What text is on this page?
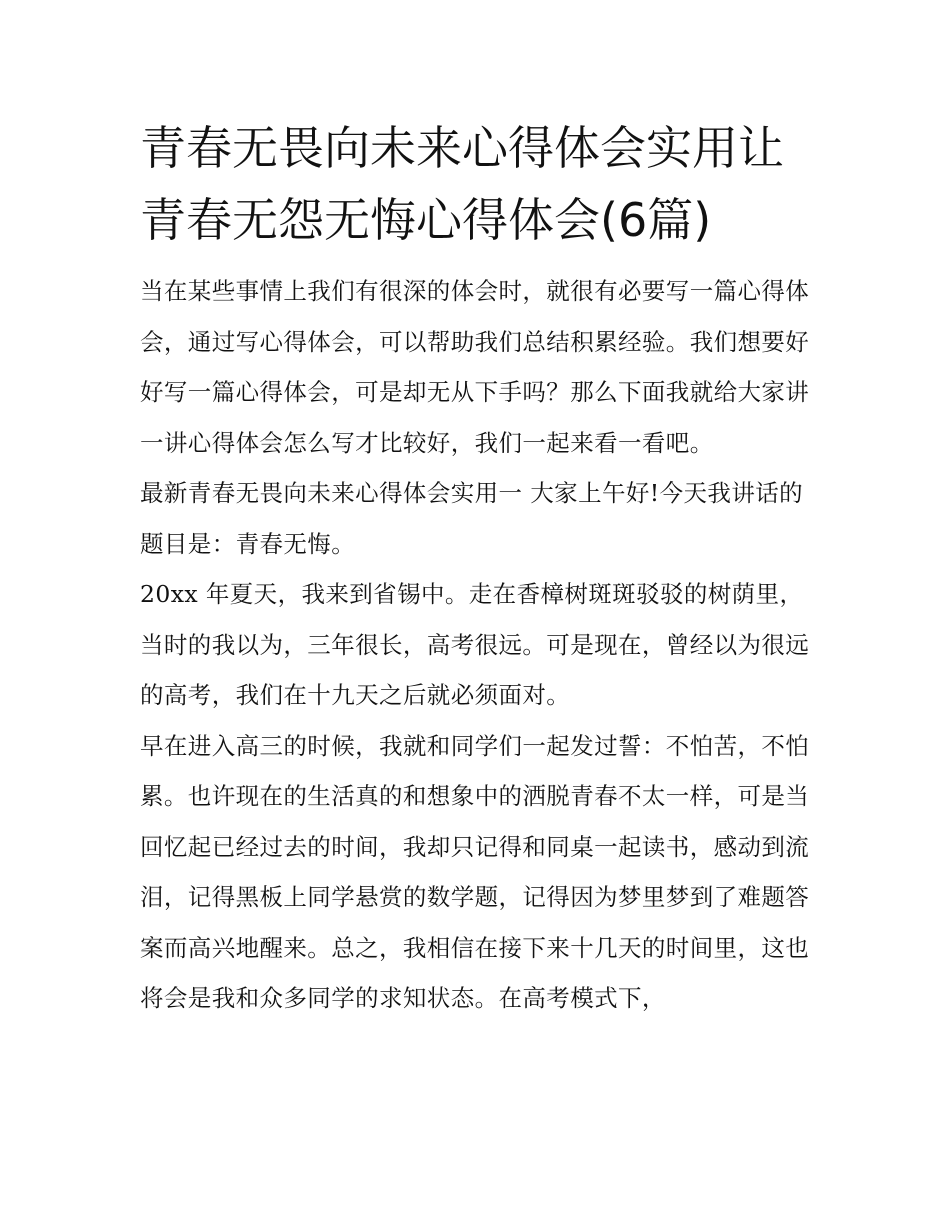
青春无畏向未来心得体会实用让青春无怨无悔心得体会(6篇)

当在某些事情上我们有很深的体会时，就很有必要写一篇心得体会，通过写心得体会，可以帮助我们总结积累经验。我们想要好好写一篇心得体会，可是却无从下手吗？那么下面我就给大家讲一讲心得体会怎么写才比较好，我们一起来看一看吧。

最新青春无畏向未来心得体会实用一 大家上午好!今天我讲话的题目是：青春无悔。

20xx 年夏天，我来到省锡中。走在香樟树斑斑驳驳的树荫里，当时的我以为，三年很长，高考很远。可是现在，曾经以为很远的高考，我们在十九天之后就必须面对。

早在进入高三的时候，我就和同学们一起发过誓：不怕苦，不怕累。也许现在的生活真的和想象中的洒脱青春不太一样，可是当回忆起已经过去的时间，我却只记得和同桌一起读书，感动到流泪，记得黑板上同学悬赏的数学题，记得因为梦里梦到了难题答案而高兴地醒来。总之，我相信在接下来十几天的时间里，这也将会是我和众多同学的求知状态。在高考模式下，
